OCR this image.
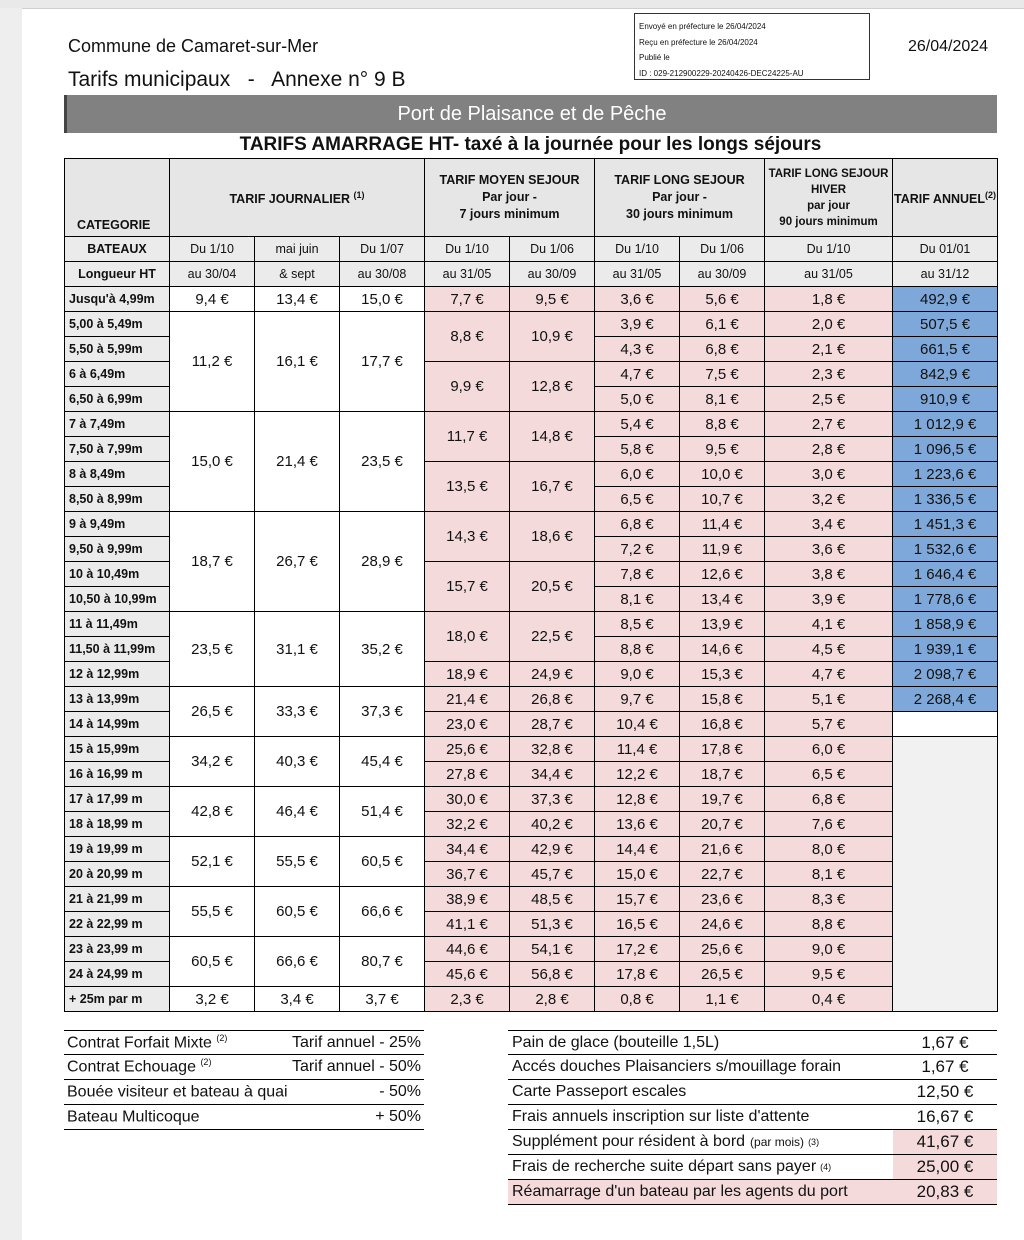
Commune de Camaret-sur-Mer
Tarifs municipaux   -   Annexe n° 9 B
26/04/2024
Envoyé en préfecture le 26/04/2024
Reçu en préfecture le 26/04/2024
Publié le
ID : 029-212900229-20240426-DEC24225-AU
Port de Plaisance et de Pêche
TARIFS AMARRAGE HT- taxé à la journée pour les longs séjours
CATEGORIE	TARIF JOURNALIER $^{(1)}$			TARIF MOYEN SEJOUR
Par jour -
7 jours minimum		TARIF LONG SEJOUR
Par jour -
30 jours minimum		TARIF LONG SEJOUR HIVER
par jour
90 jours minimum	TARIF ANNUEL$^{(2)}$
BATEAUX	Du 1/10	mai juin	Du 1/07	Du 1/10	Du 1/06	Du 1/10	Du 1/06	Du 1/10	Du 01/01
Longueur HT	au 30/04	& sept	au 30/08	au 31/05	au 30/09	au 31/05	au 30/09	au 31/05	au 31/12
Jusqu'à 4,99m	9,4 €	13,4 €	15,0 €	7,7 €	9,5 €	3,6 €	5,6 €	1,8 €	492,9 €
5,00 à 5,49m	11,2 €	16,1 €	17,7 €	8,8 €	10,9 €	3,9 €	6,1 €	2,0 €	507,5 €
5,50 à 5,99m						4,3 €	6,8 €	2,1 €	661,5 €
6 à 6,49m				9,9 €	12,8 €	4,7 €	7,5 €	2,3 €	842,9 €
6,50 à 6,99m						5,0 €	8,1 €	2,5 €	910,9 €
7 à 7,49m	15,0 €	21,4 €	23,5 €	11,7 €	14,8 €	5,4 €	8,8 €	2,7 €	1 012,9 €
7,50 à 7,99m						5,8 €	9,5 €	2,8 €	1 096,5 €
8 à 8,49m				13,5 €	16,7 €	6,0 €	10,0 €	3,0 €	1 223,6 €
8,50 à 8,99m						6,5 €	10,7 €	3,2 €	1 336,5 €
9 à 9,49m	18,7 €	26,7 €	28,9 €	14,3 €	18,6 €	6,8 €	11,4 €	3,4 €	1 451,3 €
9,50 à 9,99m						7,2 €	11,9 €	3,6 €	1 532,6 €
10 à 10,49m				15,7 €	20,5 €	7,8 €	12,6 €	3,8 €	1 646,4 €
10,50 à 10,99m						8,1 €	13,4 €	3,9 €	1 778,6 €
11 à 11,49m	23,5 €	31,1 €	35,2 €	18,0 €	22,5 €	8,5 €	13,9 €	4,1 €	1 858,9 €
11,50 à 11,99m						8,8 €	14,6 €	4,5 €	1 939,1 €
12 à 12,99m				18,9 €	24,9 €	9,0 €	15,3 €	4,7 €	2 098,7 €
13 à 13,99m	26,5 €	33,3 €	37,3 €	21,4 €	26,8 €	9,7 €	15,8 €	5,1 €	2 268,4 €
14 à 14,99m				23,0 €	28,7 €	10,4 €	16,8 €	5,7 €	
15 à 15,99m	34,2 €	40,3 €	45,4 €	25,6 €	32,8 €	11,4 €	17,8 €	6,0 €	
16 à 16,99 m				27,8 €	34,4 €	12,2 €	18,7 €	6,5 €	
17 à 17,99 m	42,8 €	46,4 €	51,4 €	30,0 €	37,3 €	12,8 €	19,7 €	6,8 €	
18 à 18,99 m				32,2 €	40,2 €	13,6 €	20,7 €	7,6 €	
19 à 19,99 m	52,1 €	55,5 €	60,5 €	34,4 €	42,9 €	14,4 €	21,6 €	8,0 €	
20 à 20,99 m				36,7 €	45,7 €	15,0 €	22,7 €	8,1 €	
21 à 21,99 m	55,5 €	60,5 €	66,6 €	38,9 €	48,5 €	15,7 €	23,6 €	8,3 €	
22 à 22,99 m				41,1 €	51,3 €	16,5 €	24,6 €	8,8 €	
23 à 23,99 m	60,5 €	66,6 €	80,7 €	44,6 €	54,1 €	17,2 €	25,6 €	9,0 €	
24 à 24,99 m				45,6 €	56,8 €	17,8 €	26,5 €	9,5 €	
+ 25m par m	3,2 €	3,4 €	3,7 €	2,3 €	2,8 €	0,8 €	1,1 €	0,4 €	
Contrat Forfait Mixte $^{(2)}$	Tarif annuel - 25%
Contrat Echouage $^{(2)}$	Tarif annuel - 50%
Bouée visiteur et bateau à quai	- 50%
Bateau Multicoque	+ 50%
Pain de glace (bouteille 1,5L)	1,67 €
Accés douches Plaisanciers s/mouillage forain	1,67 €
Carte Passeport escales	12,50 €
Frais annuels inscription sur liste d'attente	16,67 €
Supplément pour résident à bord (par mois) (3)	41,67 €
Frais de recherche suite départ sans payer (4)	25,00 €
Réamarrage d'un bateau par les agents du port	20,83 €
